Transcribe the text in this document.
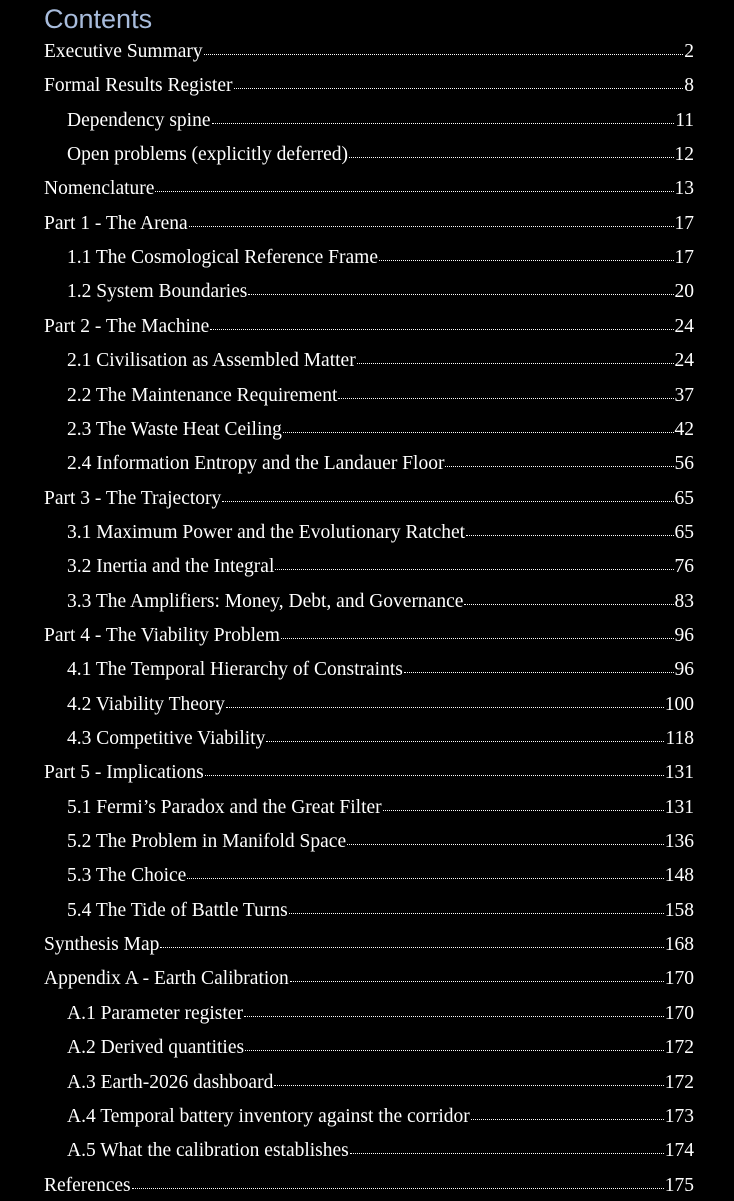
Contents
Executive Summary	2
Formal Results Register	8
Dependency spine	11
Open problems (explicitly deferred)	12
Nomenclature	13
Part 1 - The Arena	17
1.1 The Cosmological Reference Frame	17
1.2 System Boundaries	20
Part 2 - The Machine	24
2.1 Civilisation as Assembled Matter	24
2.2 The Maintenance Requirement	37
2.3 The Waste Heat Ceiling	42
2.4 Information Entropy and the Landauer Floor	56
Part 3 - The Trajectory	65
3.1 Maximum Power and the Evolutionary Ratchet	65
3.2 Inertia and the Integral	76
3.3 The Amplifiers: Money, Debt, and Governance	83
Part 4 - The Viability Problem	96
4.1 The Temporal Hierarchy of Constraints	96
4.2 Viability Theory	100
4.3 Competitive Viability	118
Part 5 - Implications	131
5.1 Fermi’s Paradox and the Great Filter	131
5.2 The Problem in Manifold Space	136
5.3 The Choice	148
5.4 The Tide of Battle Turns	158
Synthesis Map	168
Appendix A - Earth Calibration	170
A.1 Parameter register	170
A.2 Derived quantities	172
A.3 Earth-2026 dashboard	172
A.4 Temporal battery inventory against the corridor	173
A.5 What the calibration establishes	174
References	175
